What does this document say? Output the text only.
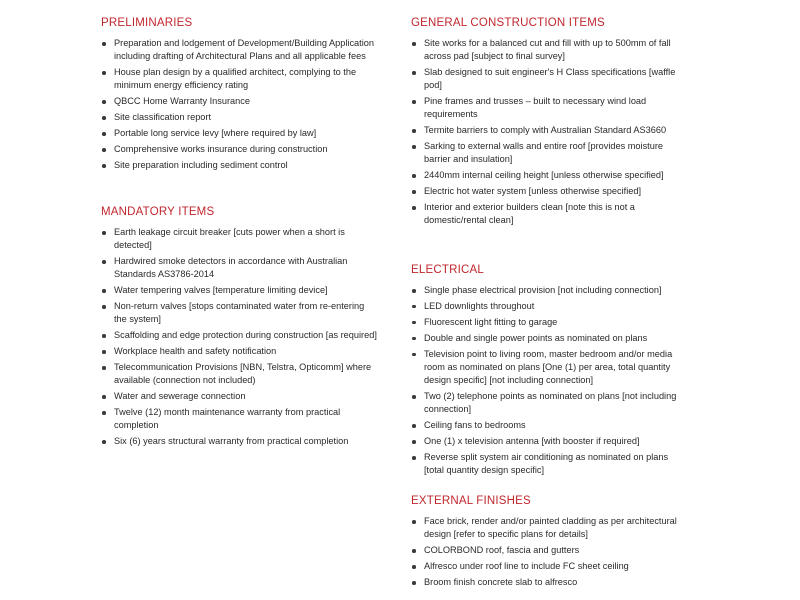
PRELIMINARIES
Preparation and lodgement of Development/Building Application including drafting of Architectural Plans and all applicable fees
House plan design by a qualified architect, complying to the minimum energy efficiency rating
QBCC Home Warranty Insurance
Site classification report
Portable long service levy [where required by law]
Comprehensive works insurance during construction
Site preparation including sediment control
MANDATORY ITEMS
Earth leakage circuit breaker [cuts power when a short is detected]
Hardwired smoke detectors in accordance with Australian Standards AS3786-2014
Water tempering valves [temperature limiting device]
Non-return valves [stops contaminated water from re-entering the system]
Scaffolding and edge protection during construction [as required]
Workplace health and safety notification
Telecommunication Provisions [NBN, Telstra, Opticomm] where available (connection not included)
Water and sewerage connection
Twelve (12) month maintenance warranty from practical completion
Six (6) years structural warranty from practical completion
GENERAL CONSTRUCTION ITEMS
Site works for a balanced cut and fill with up to 500mm of fall across pad [subject to final survey]
Slab designed to suit engineer's H Class specifications [waffle pod]
Pine frames and trusses – built to necessary wind load requirements
Termite barriers to comply with Australian Standard AS3660
Sarking to external walls and entire roof [provides moisture barrier and insulation]
2440mm internal ceiling height [unless otherwise specified]
Electric hot water system [unless otherwise specified]
Interior and exterior builders clean [note this is not a domestic/rental clean]
ELECTRICAL
Single phase electrical provision [not including connection]
LED downlights throughout
Fluorescent light fitting to garage
Double and single power points as nominated on plans
Television point to living room, master bedroom and/or media room as nominated on plans [One (1) per area, total quantity design specific] [not including connection]
Two (2) telephone points as nominated on plans [not including connection]
Ceiling fans to bedrooms
One (1) x television antenna [with booster if required]
Reverse split system air conditioning as nominated on plans [total quantity design specific]
EXTERNAL FINISHES
Face brick, render and/or painted cladding as per architectural design [refer to specific plans for details]
COLORBOND roof, fascia and gutters
Alfresco under roof line to include FC sheet ceiling
Broom finish concrete slab to alfresco
